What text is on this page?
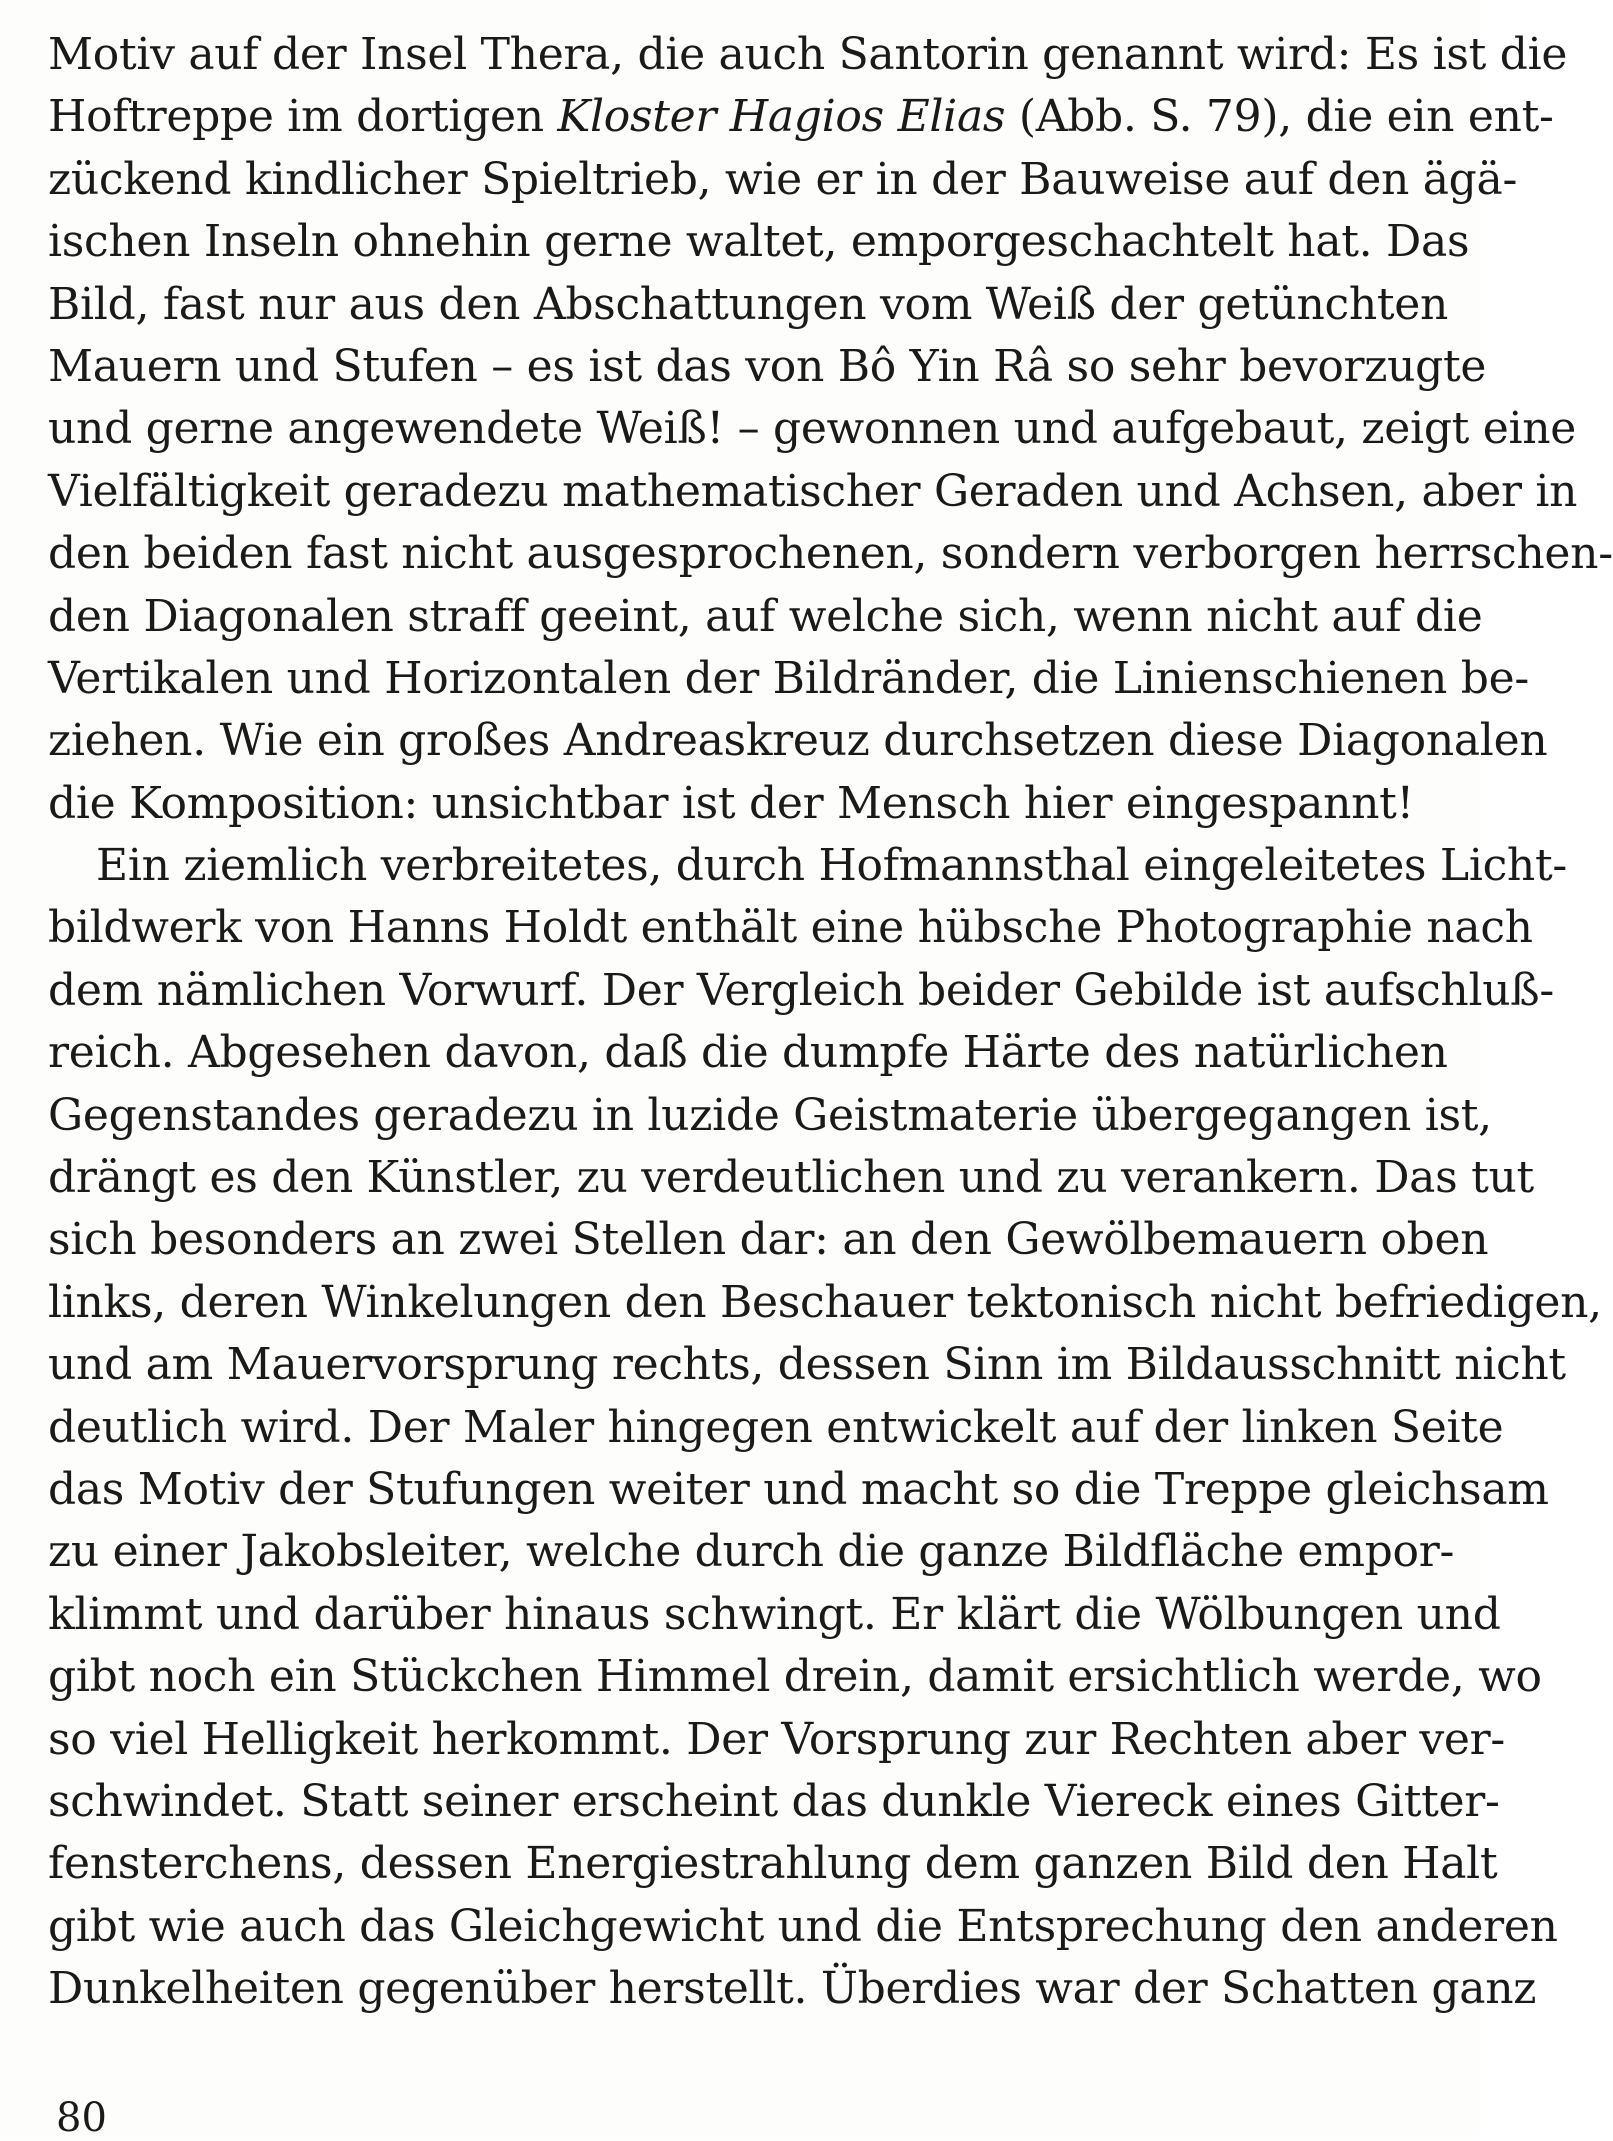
Motiv auf der Insel Thera, die auch Santorin genannt wird: Es ist die
Hoftreppe im dortigen Kloster Hagios Elias (Abb. S. 79), die ein ent-
zückend kindlicher Spieltrieb, wie er in der Bauweise auf den ägä-
ischen Inseln ohnehin gerne waltet, emporgeschachtelt hat. Das
Bild, fast nur aus den Abschattungen vom Weiß der getünchten
Mauern und Stufen – es ist das von Bô Yin Râ so sehr bevorzugte
und gerne angewendete Weiß! – gewonnen und aufgebaut, zeigt eine
Vielfältigkeit geradezu mathematischer Geraden und Achsen, aber in
den beiden fast nicht ausgesprochenen, sondern verborgen herrschen-
den Diagonalen straff geeint, auf welche sich, wenn nicht auf die
Vertikalen und Horizontalen der Bildränder, die Linienschienen be-
ziehen. Wie ein großes Andreaskreuz durchsetzen diese Diagonalen
die Komposition: unsichtbar ist der Mensch hier eingespannt!
Ein ziemlich verbreitetes, durch Hofmannsthal eingeleitetes Licht-
bildwerk von Hanns Holdt enthält eine hübsche Photographie nach
dem nämlichen Vorwurf. Der Vergleich beider Gebilde ist aufschluß-
reich. Abgesehen davon, daß die dumpfe Härte des natürlichen
Gegenstandes geradezu in luzide Geistmaterie übergegangen ist,
drängt es den Künstler, zu verdeutlichen und zu verankern. Das tut
sich besonders an zwei Stellen dar: an den Gewölbemauern oben
links, deren Winkelungen den Beschauer tektonisch nicht befriedigen,
und am Mauervorsprung rechts, dessen Sinn im Bildausschnitt nicht
deutlich wird. Der Maler hingegen entwickelt auf der linken Seite
das Motiv der Stufungen weiter und macht so die Treppe gleichsam
zu einer Jakobsleiter, welche durch die ganze Bildfläche empor-
klimmt und darüber hinaus schwingt. Er klärt die Wölbungen und
gibt noch ein Stückchen Himmel drein, damit ersichtlich werde, wo
so viel Helligkeit herkommt. Der Vorsprung zur Rechten aber ver-
schwindet. Statt seiner erscheint das dunkle Viereck eines Gitter-
fensterchens, dessen Energiestrahlung dem ganzen Bild den Halt
gibt wie auch das Gleichgewicht und die Entsprechung den anderen
Dunkelheiten gegenüber herstellt. Überdies war der Schatten ganz
80
